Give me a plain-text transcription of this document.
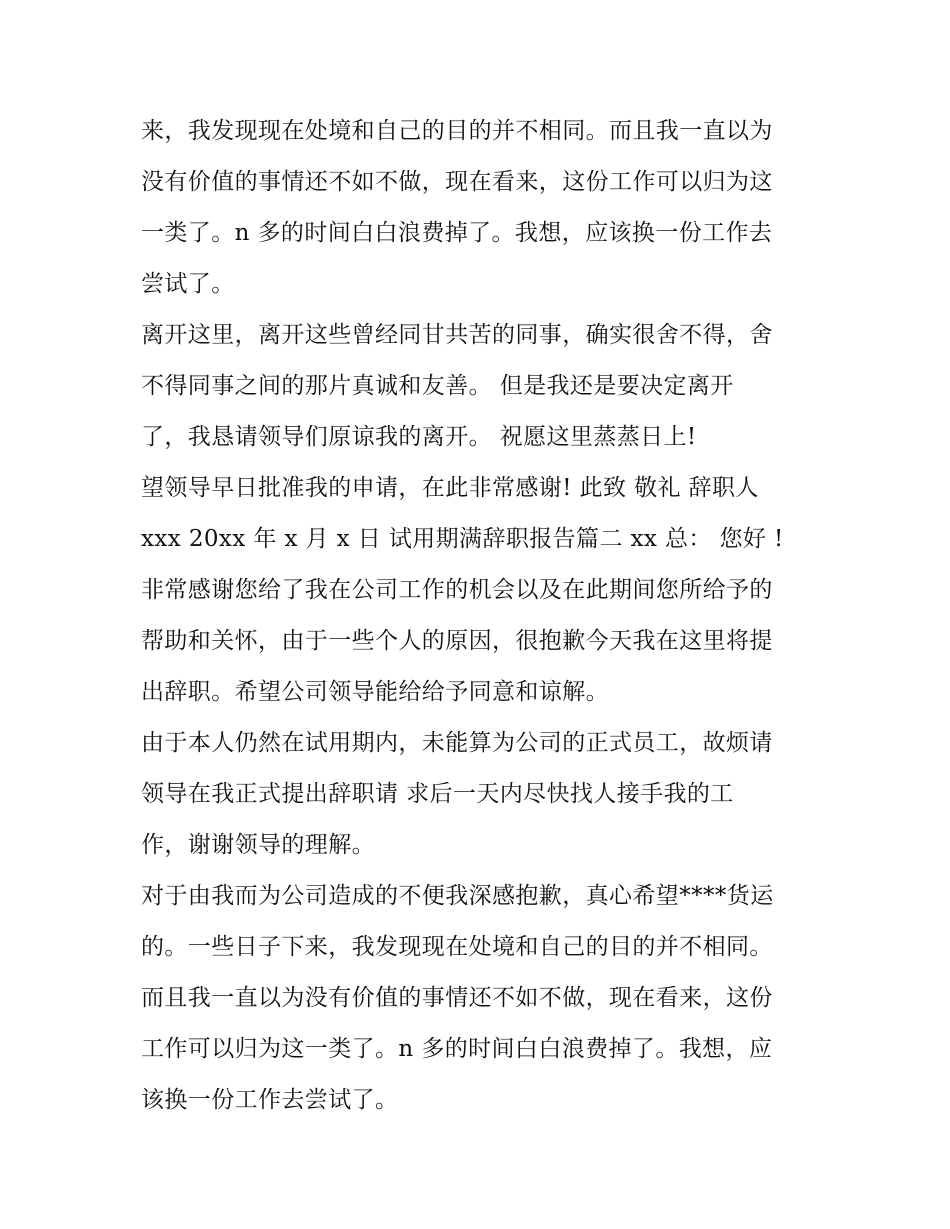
来，我发现现在处境和自己的目的并不相同。而且我一直以为
没有价值的事情还不如不做，现在看来，这份工作可以归为这
一类了。n 多的时间白白浪费掉了。我想，应该换一份工作去
尝试了。
离开这里，离开这些曾经同甘共苦的同事，确实很舍不得，舍
不得同事之间的那片真诚和友善。 但是我还是要决定离开
了，我恳请领导们原谅我的离开。 祝愿这里蒸蒸日上!
望领导早日批准我的申请，在此非常感谢! 此致 敬礼 辞职人
xxx 20xx 年 x 月 x 日 试用期满辞职报告篇二 xx 总： 您好 !
非常感谢您给了我在公司工作的机会以及在此期间您所给予的
帮助和关怀，由于一些个人的原因，很抱歉今天我在这里将提
出辞职。希望公司领导能给给予同意和谅解。
由于本人仍然在试用期内，未能算为公司的正式员工，故烦请
领导在我正式提出辞职请 求后一天内尽快找人接手我的工
作，谢谢领导的理解。
对于由我而为公司造成的不便我深感抱歉，真心希望****货运
的。一些日子下来，我发现现在处境和自己的目的并不相同。
而且我一直以为没有价值的事情还不如不做，现在看来，这份
工作可以归为这一类了。n 多的时间白白浪费掉了。我想，应
该换一份工作去尝试了。
